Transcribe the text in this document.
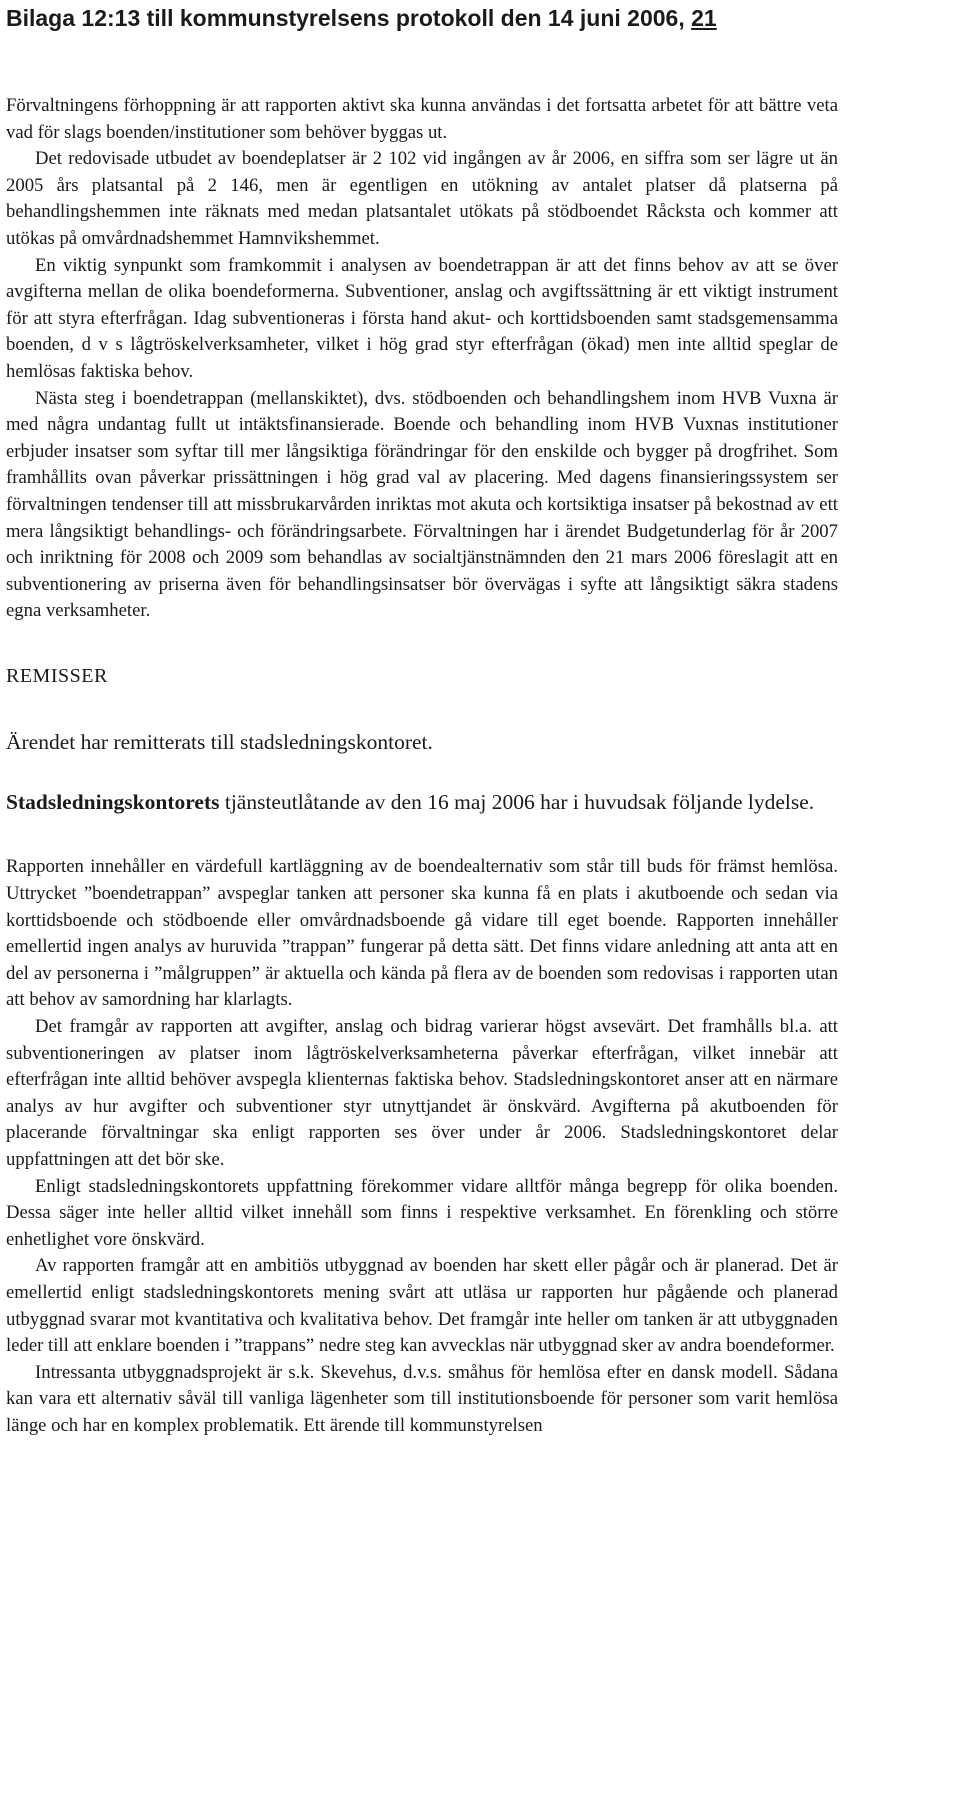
Bilaga 12:13 till kommunstyrelsens protokoll den 14 juni 2006, 21

Förvaltningens förhoppning är att rapporten aktivt ska kunna användas i det fortsatta arbetet för att bättre veta vad för slags boenden/institutioner som behöver byggas ut.

Det redovisade utbudet av boendeplatser är 2 102 vid ingången av år 2006, en siffra som ser lägre ut än 2005 års platsantal på 2 146, men är egentligen en utökning av antalet platser då platserna på behandlingshemmen inte räknats med medan platsantalet utökats på stödboendet Råcksta och kommer att utökas på omvårdnadshemmet Hamnvikshemmet.

En viktig synpunkt som framkommit i analysen av boendetrappan är att det finns behov av att se över avgifterna mellan de olika boendeformerna. Subventioner, anslag och avgiftssättning är ett viktigt instrument för att styra efterfrågan. Idag subventioneras i första hand akut- och korttidsboenden samt stadsgemensamma boenden, d v s lågtröskelverksamheter, vilket i hög grad styr efterfrågan (ökad) men inte alltid speglar de hemlösas faktiska behov.

Nästa steg i boendetrappan (mellanskiktet), dvs. stödboenden och behandlingshem inom HVB Vuxna är med några undantag fullt ut intäktsfinansierade. Boende och behandling inom HVB Vuxnas institutioner erbjuder insatser som syftar till mer långsiktiga förändringar för den enskilde och bygger på drogfrihet. Som framhållits ovan påverkar prissättningen i hög grad val av placering. Med dagens finansieringssystem ser förvaltningen tendenser till att missbrukarvården inriktas mot akuta och kortsiktiga insatser på bekostnad av ett mera långsiktigt behandlings- och förändringsarbete. Förvaltningen har i ärendet Budgetunderlag för år 2007 och inriktning för 2008 och 2009 som behandlas av socialtjänstnämnden den 21 mars 2006 föreslagit att en subventionering av priserna även för behandlingsinsatser bör övervägas i syfte att långsiktigt säkra stadens egna verksamheter.

REMISSER

Ärendet har remitterats till stadsledningskontoret.

Stadsledningskontorets tjänsteutlåtande av den 16 maj 2006 har i huvudsak följande lydelse.

Rapporten innehåller en värdefull kartläggning av de boendealternativ som står till buds för främst hemlösa. Uttrycket ”boendetrappan” avspeglar tanken att personer ska kunna få en plats i akutboende och sedan via korttidsboende och stödboende eller omvårdnadsboende gå vidare till eget boende. Rapporten innehåller emellertid ingen analys av huruvida ”trappan” fungerar på detta sätt. Det finns vidare anledning att anta att en del av personerna i ”målgruppen” är aktuella och kända på flera av de boenden som redovisas i rapporten utan att behov av samordning har klarlagts.

Det framgår av rapporten att avgifter, anslag och bidrag varierar högst avsevärt. Det framhålls bl.a. att subventioneringen av platser inom lågtröskelverksamheterna påverkar efterfrågan, vilket innebär att efterfrågan inte alltid behöver avspegla klienternas faktiska behov. Stadsledningskontoret anser att en närmare analys av hur avgifter och subventioner styr utnyttjandet är önskvärd. Avgifterna på akutboenden för placerande förvaltningar ska enligt rapporten ses över under år 2006. Stadsledningskontoret delar uppfattningen att det bör ske.

Enligt stadsledningskontorets uppfattning förekommer vidare alltför många begrepp för olika boenden. Dessa säger inte heller alltid vilket innehåll som finns i respektive verksamhet. En förenkling och större enhetlighet vore önskvärd.

Av rapporten framgår att en ambitiös utbyggnad av boenden har skett eller pågår och är planerad. Det är emellertid enligt stadsledningskontorets mening svårt att utläsa ur rapporten hur pågående och planerad utbyggnad svarar mot kvantitativa och kvalitativa behov. Det framgår inte heller om tanken är att utbyggnaden leder till att enklare boenden i ”trappans” nedre steg kan avvecklas när utbyggnad sker av andra boendeformer.

Intressanta utbyggnadsprojekt är s.k. Skevehus, d.v.s. småhus för hemlösa efter en dansk modell. Sådana kan vara ett alternativ såväl till vanliga lägenheter som till institutionsboende för personer som varit hemlösa länge och har en komplex problematik. Ett ärende till kommunstyrelsen
